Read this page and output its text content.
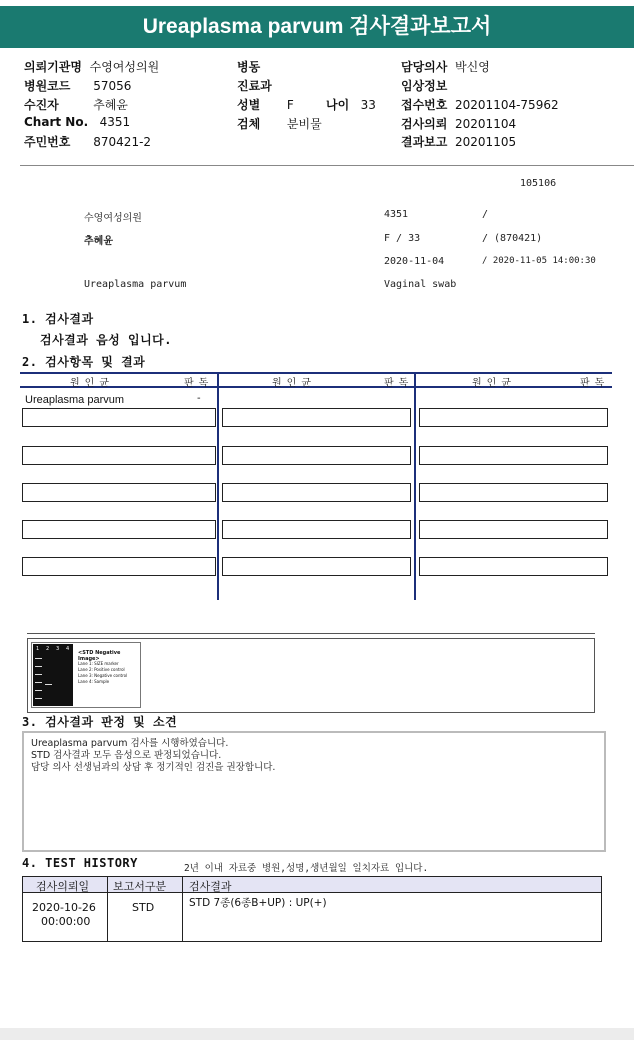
Ureaplasma parvum 검사결과보고서
의뢰기관명 수영여성의원
병원코드 57056
수진자	추혜윤
Chart No. 4351
주민번호 870421-2
병동
진료과
성별 F	나이 33
검체 분비물
담당의사 박신영
임상정보
접수번호 20201104-75962
검사의뢰 20201104
결과보고 20201105
105106
수영여성의원	4351	/
추혜윤	F / 33	/ (870421)
2020-11-04	/ 2020-11-05 14:00:30
Ureaplasma parvum	Vaginal swab
1. 검사결과
검사결과 음성 입니다.
2. 검사항목 및 결과
원인균	판독	원인균	판독	원인균	판독
Ureaplasma parvum	-
1 2 3 4
<STD Negative Image>
Lane 1: SIZE marker
Lane 2: Positive control
Lane 3: Negative control
Lane 4: Sample
3. 검사결과 판정 및 소견
Ureaplasma parvum 검사를 시행하였습니다.
STD 검사결과 모두 음성으로 판정되었습니다.
담당 의사 선생님과의 상담 후 정기적인 검진을 권장합니다.
4. TEST HISTORY	2년 이내 자료중 병원,성명,생년월일 일치자료 입니다.
검사의뢰일 보고서구분 검사결과
2020-10-26
00:00:00
STD	STD 7종(6종B+UP) : UP(+)
